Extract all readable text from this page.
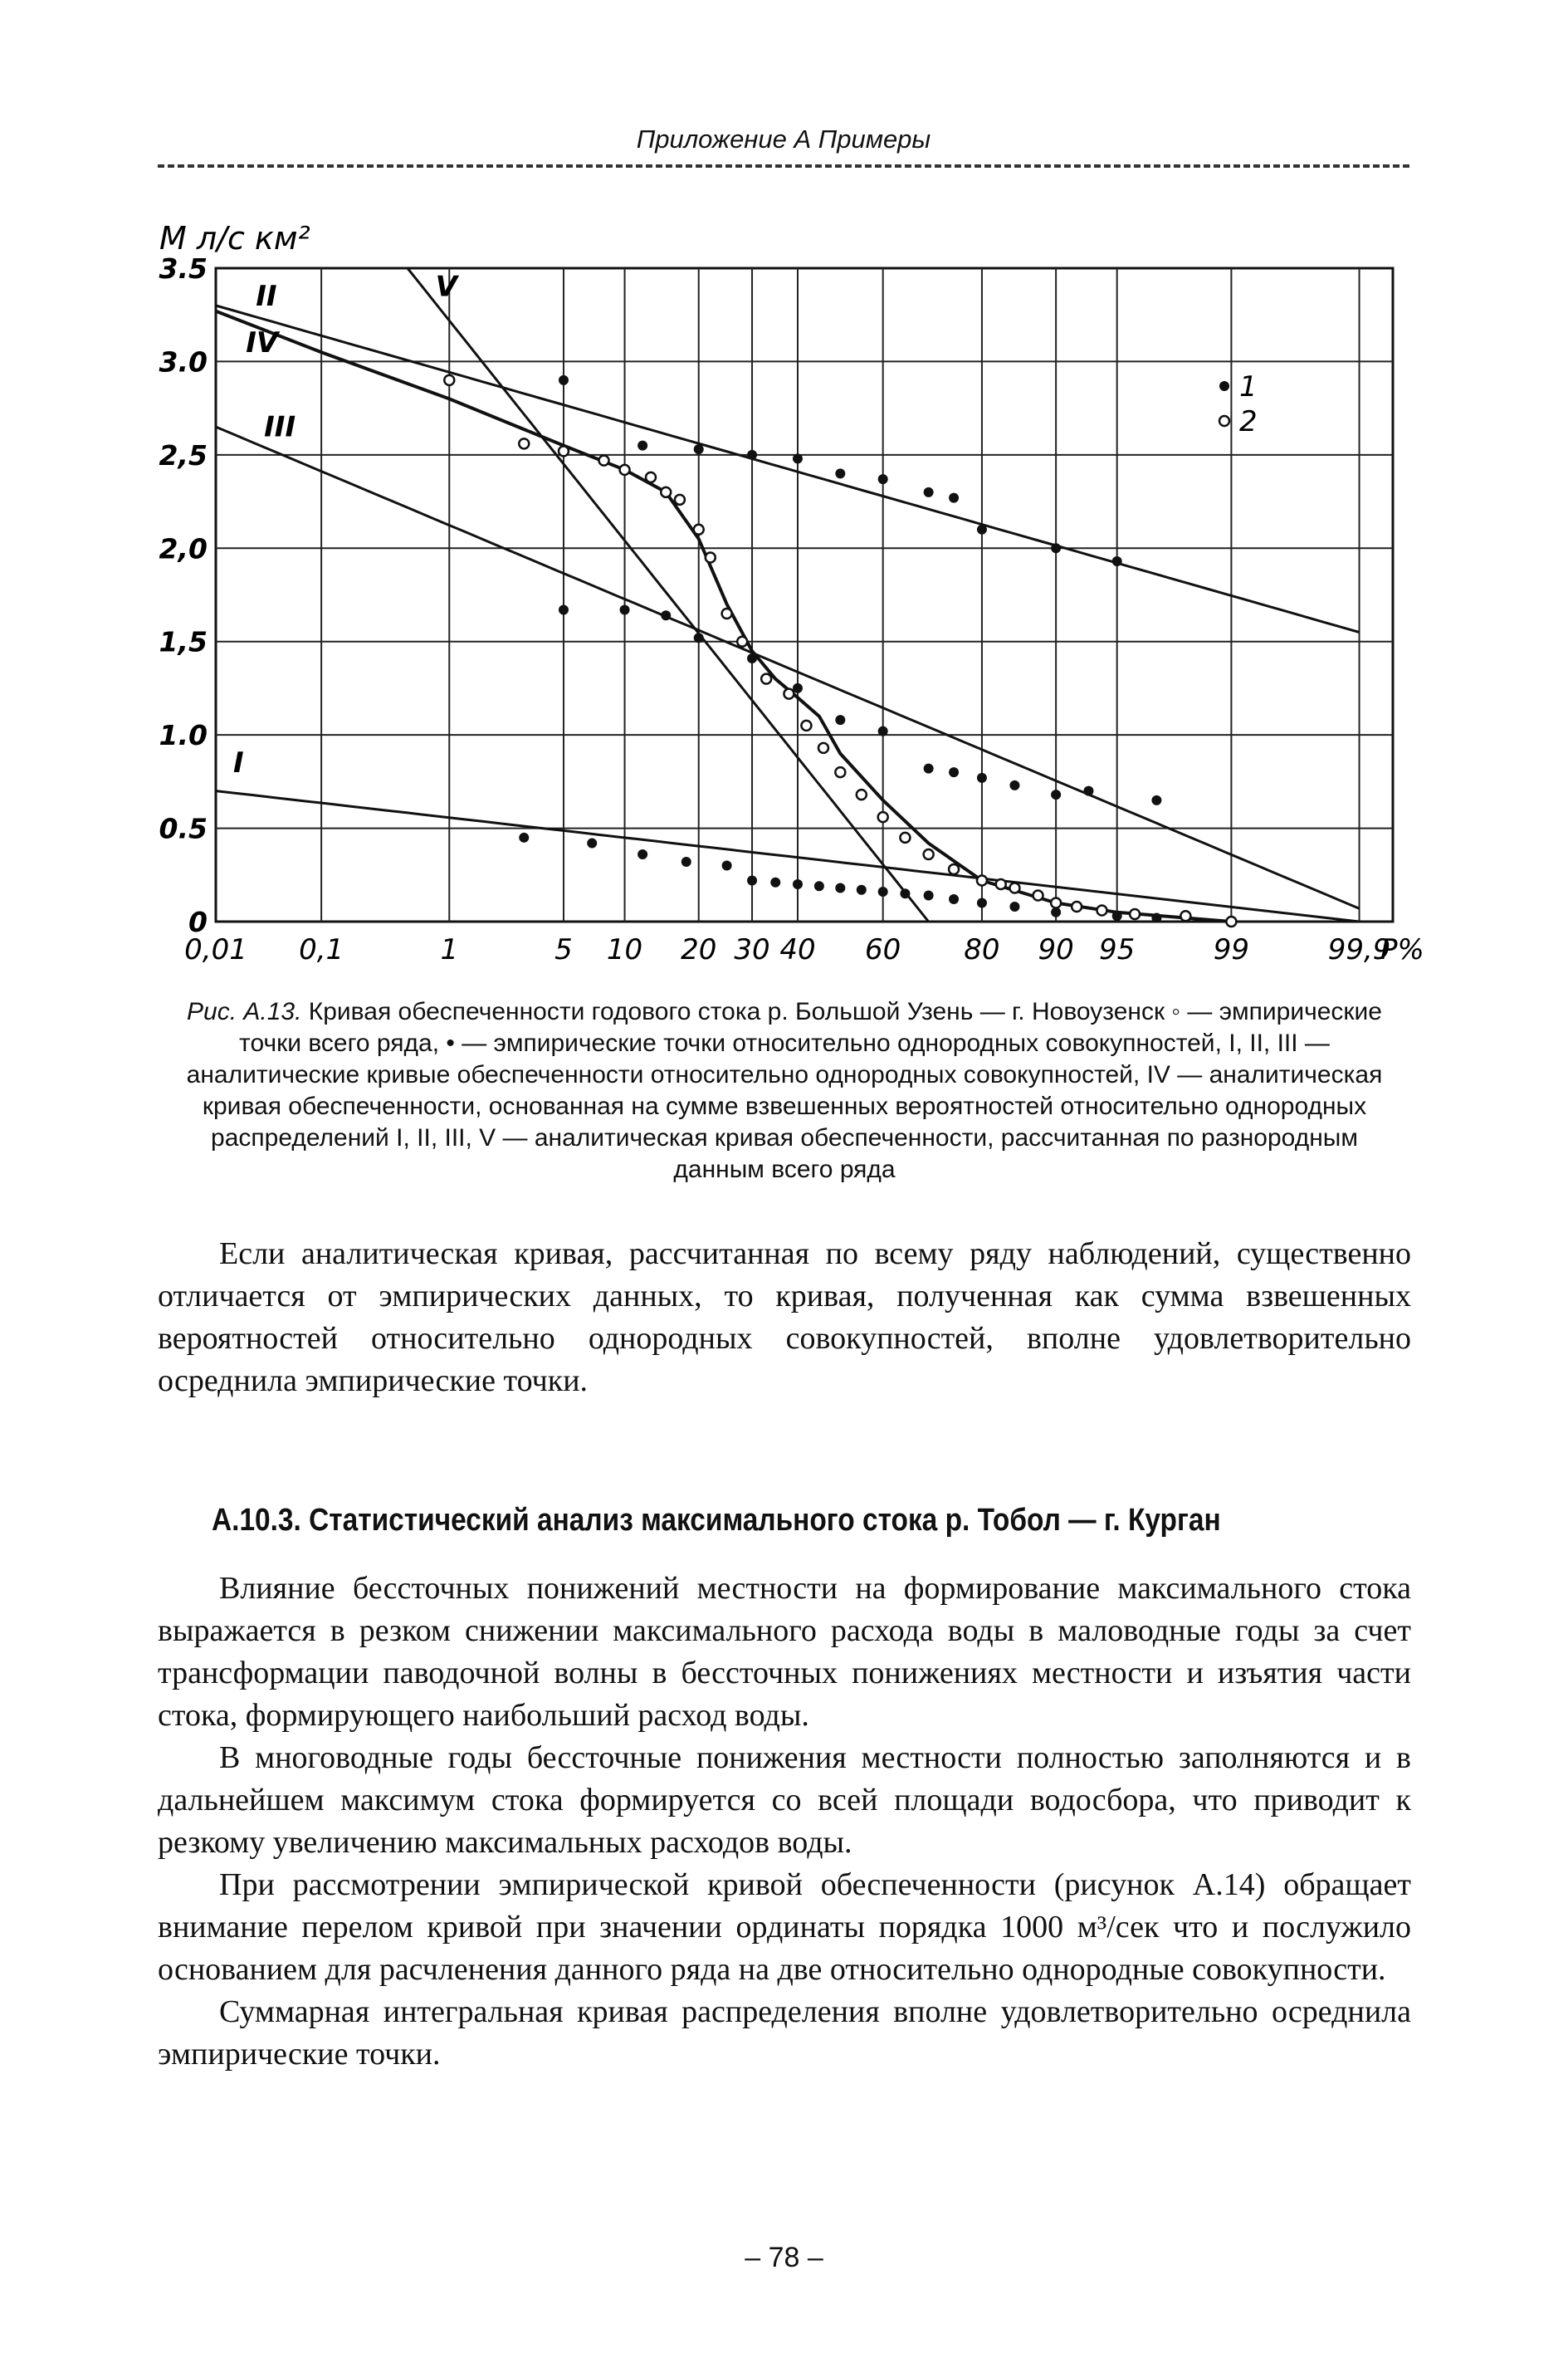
Приложение А Примеры
0,01 0,1	1	5 10 20 30 40 60 80 90 95	99	99,9
P%
0
0.5
1.0
1,5
2,0
2,5
3.0
3.5
M л/с км²
I
II
III
IV
V
1
2
Рис. А.13. Кривая обеспеченности годового стока р. Большой Узень — г. Новоузенск ◦ — эмпирические точки всего ряда, • — эмпирические точки относительно однородных совокупностей, I, II, III — аналитические кривые обеспеченности относительно однородных совокупностей, IV — аналитическая кривая обеспеченности, основанная на сумме взвешенных вероятностей относительно однородных распределений I, II, III, V — аналитическая кривая обеспеченности, рассчитанная по разнородным данным всего ряда

Если аналитическая кривая, рассчитанная по всему ряду наблюдений, существенно отличается от эмпирических данных, то кривая, полученная как сумма взвешенных вероятностей относительно однородных совокупностей, вполне удовлетворительно осреднила эмпирические точки.

А.10.3. Статистический анализ максимального стока р. Тобол — г. Курган

Влияние бессточных понижений местности на формирование максимального стока выражается в резком снижении максимального расхода воды в маловодные годы за счет трансформации паводочной волны в бессточных понижениях местности и изъятия части стока, формирующего наибольший расход воды.

В многоводные годы бессточные понижения местности полностью заполняются и в дальнейшем максимум стока формируется со всей площади водосбора, что приводит к резкому увеличению максимальных расходов воды.

При рассмотрении эмпирической кривой обеспеченности (рисунок А.14) обращает внимание перелом кривой при значении ординаты порядка 1000 м³/сек что и послужило основанием для расчленения данного ряда на две относительно однородные совокупности.

Суммарная интегральная кривая распределения вполне удовлетворительно осреднила эмпирические точки.

– 78 –
